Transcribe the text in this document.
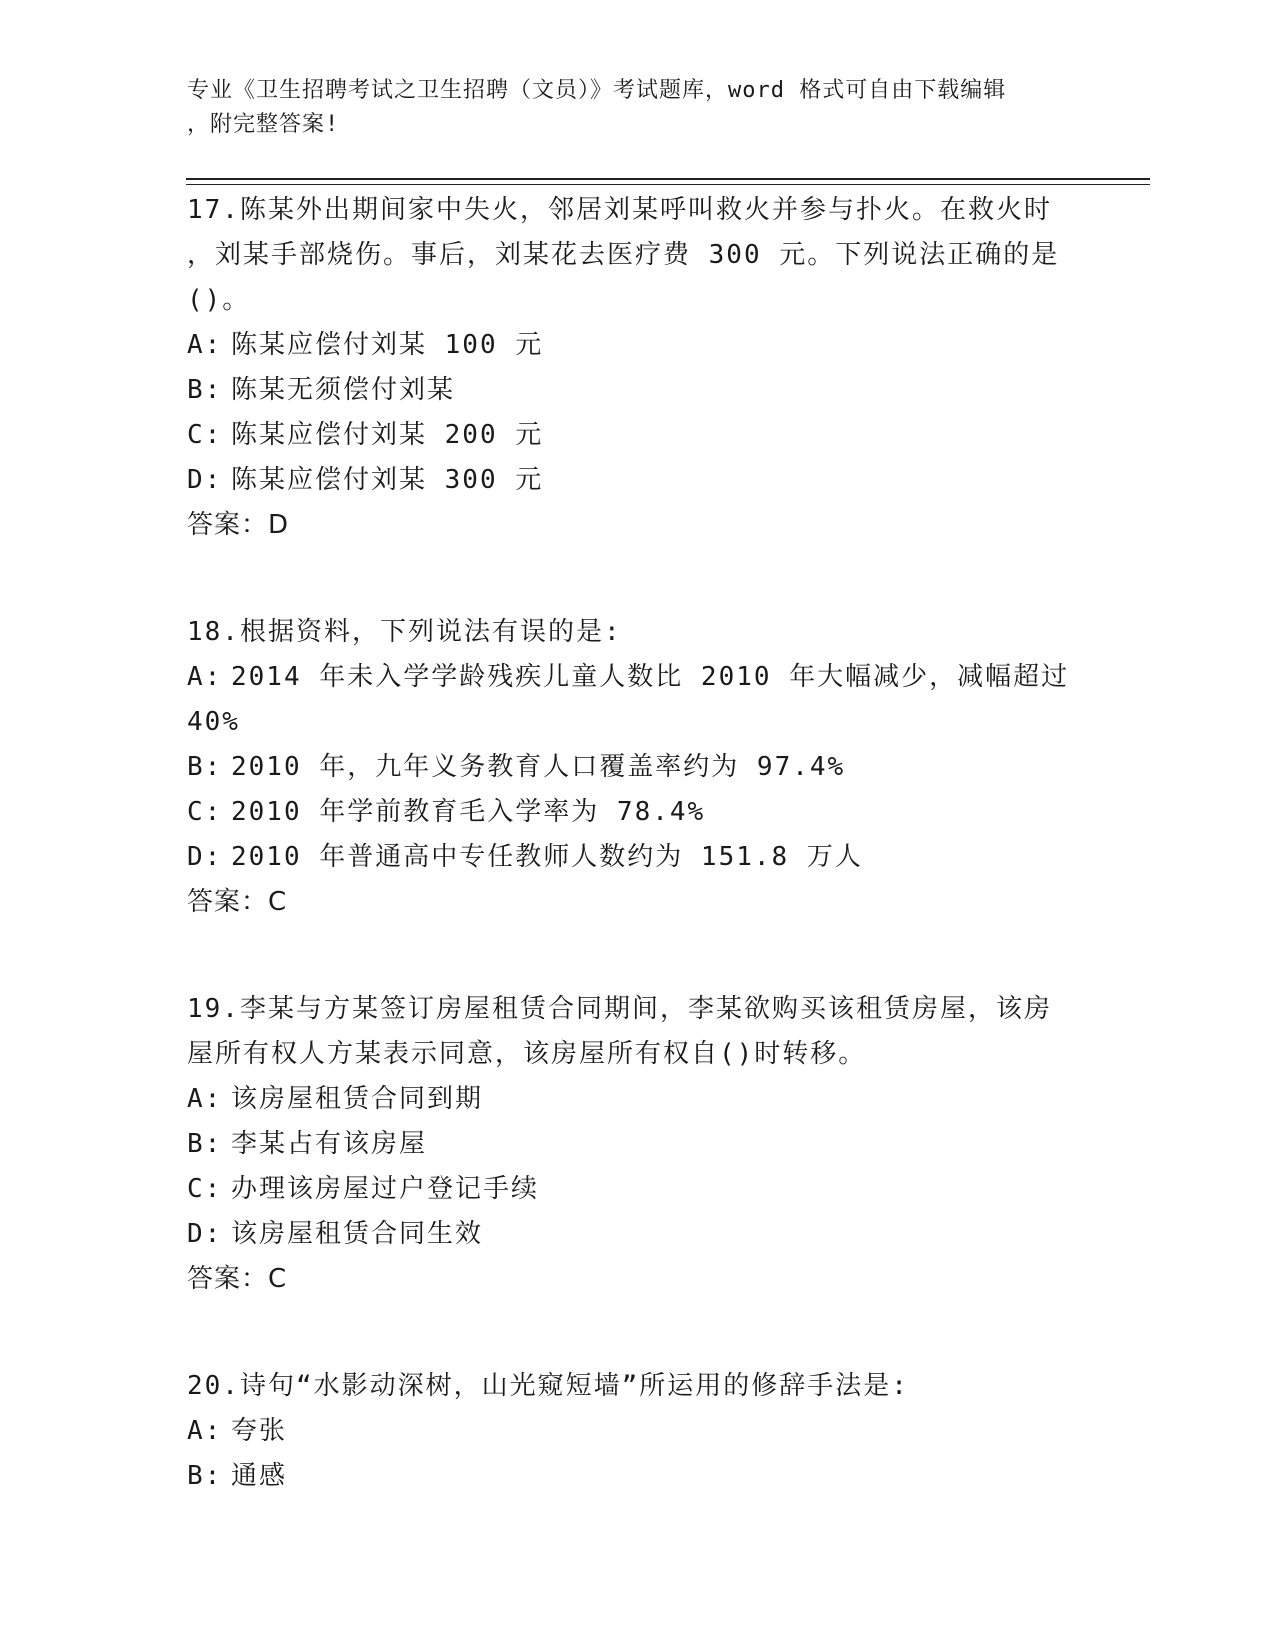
专业《卫生招聘考试之卫生招聘（文员）》考试题库，word 格式可自由下载编辑
，附完整答案!

17.陈某外出期间家中失火，邻居刘某呼叫救火并参与扑火。在救火时

，刘某手部烧伤。事后，刘某花去医疗费 300 元。下列说法正确的是

()。

A: 陈某应偿付刘某 100 元

B: 陈某无须偿付刘某

C: 陈某应偿付刘某 200 元

D: 陈某应偿付刘某 300 元

答案：D

18.根据资料，下列说法有误的是:

A: 2014 年未入学学龄残疾儿童人数比 2010 年大幅减少，减幅超过

40%

B: 2010 年，九年义务教育人口覆盖率约为 97.4%

C: 2010 年学前教育毛入学率为 78.4%

D: 2010 年普通高中专任教师人数约为 151.8 万人

答案：C

19.李某与方某签订房屋租赁合同期间，李某欲购买该租赁房屋，该房

屋所有权人方某表示同意，该房屋所有权自()时转移。

A: 该房屋租赁合同到期

B: 李某占有该房屋

C: 办理该房屋过户登记手续

D: 该房屋租赁合同生效

答案：C

20.诗句“水影动深树，山光窥短墙”所运用的修辞手法是:

A: 夸张

B: 通感
